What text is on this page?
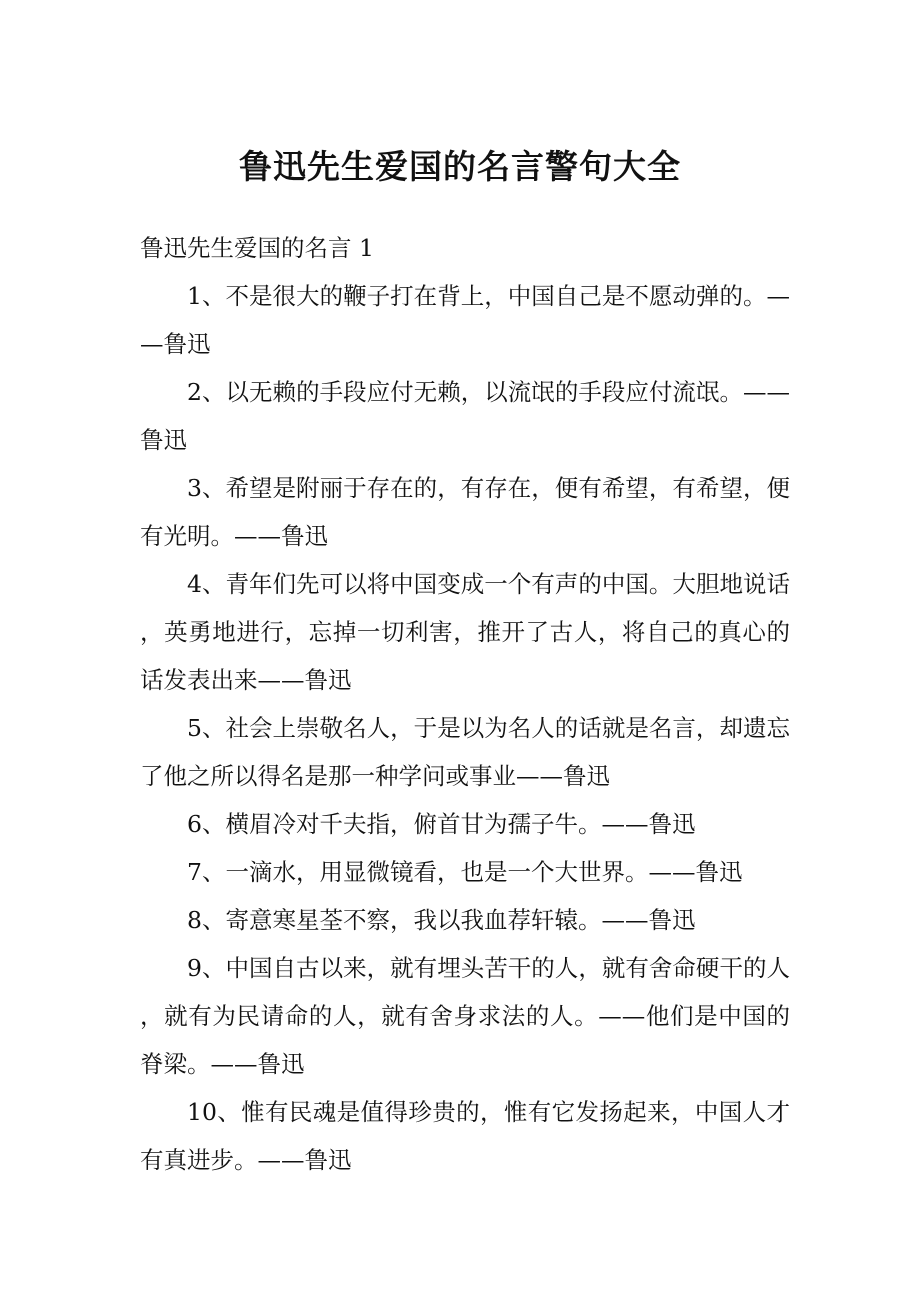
鲁迅先生爱国的名言警句大全
鲁迅先生爱国的名言 1
1、不是很大的鞭子打在背上，中国自己是不愿动弹的。——鲁迅
2、以无赖的手段应付无赖，以流氓的手段应付流氓。——鲁迅
3、希望是附丽于存在的，有存在，便有希望，有希望，便有光明。——鲁迅
4、青年们先可以将中国变成一个有声的中国。大胆地说话，英勇地进行，忘掉一切利害，推开了古人，将自己的真心的话发表出来——鲁迅
5、社会上崇敬名人，于是以为名人的话就是名言，却遗忘了他之所以得名是那一种学问或事业——鲁迅
6、横眉冷对千夫指，俯首甘为孺子牛。——鲁迅
7、一滴水，用显微镜看，也是一个大世界。——鲁迅
8、寄意寒星荃不察，我以我血荐轩辕。——鲁迅
9、中国自古以来，就有埋头苦干的人，就有舍命硬干的人，就有为民请命的人，就有舍身求法的人。——他们是中国的脊梁。——鲁迅
10、惟有民魂是值得珍贵的，惟有它发扬起来，中国人才有真进步。——鲁迅
